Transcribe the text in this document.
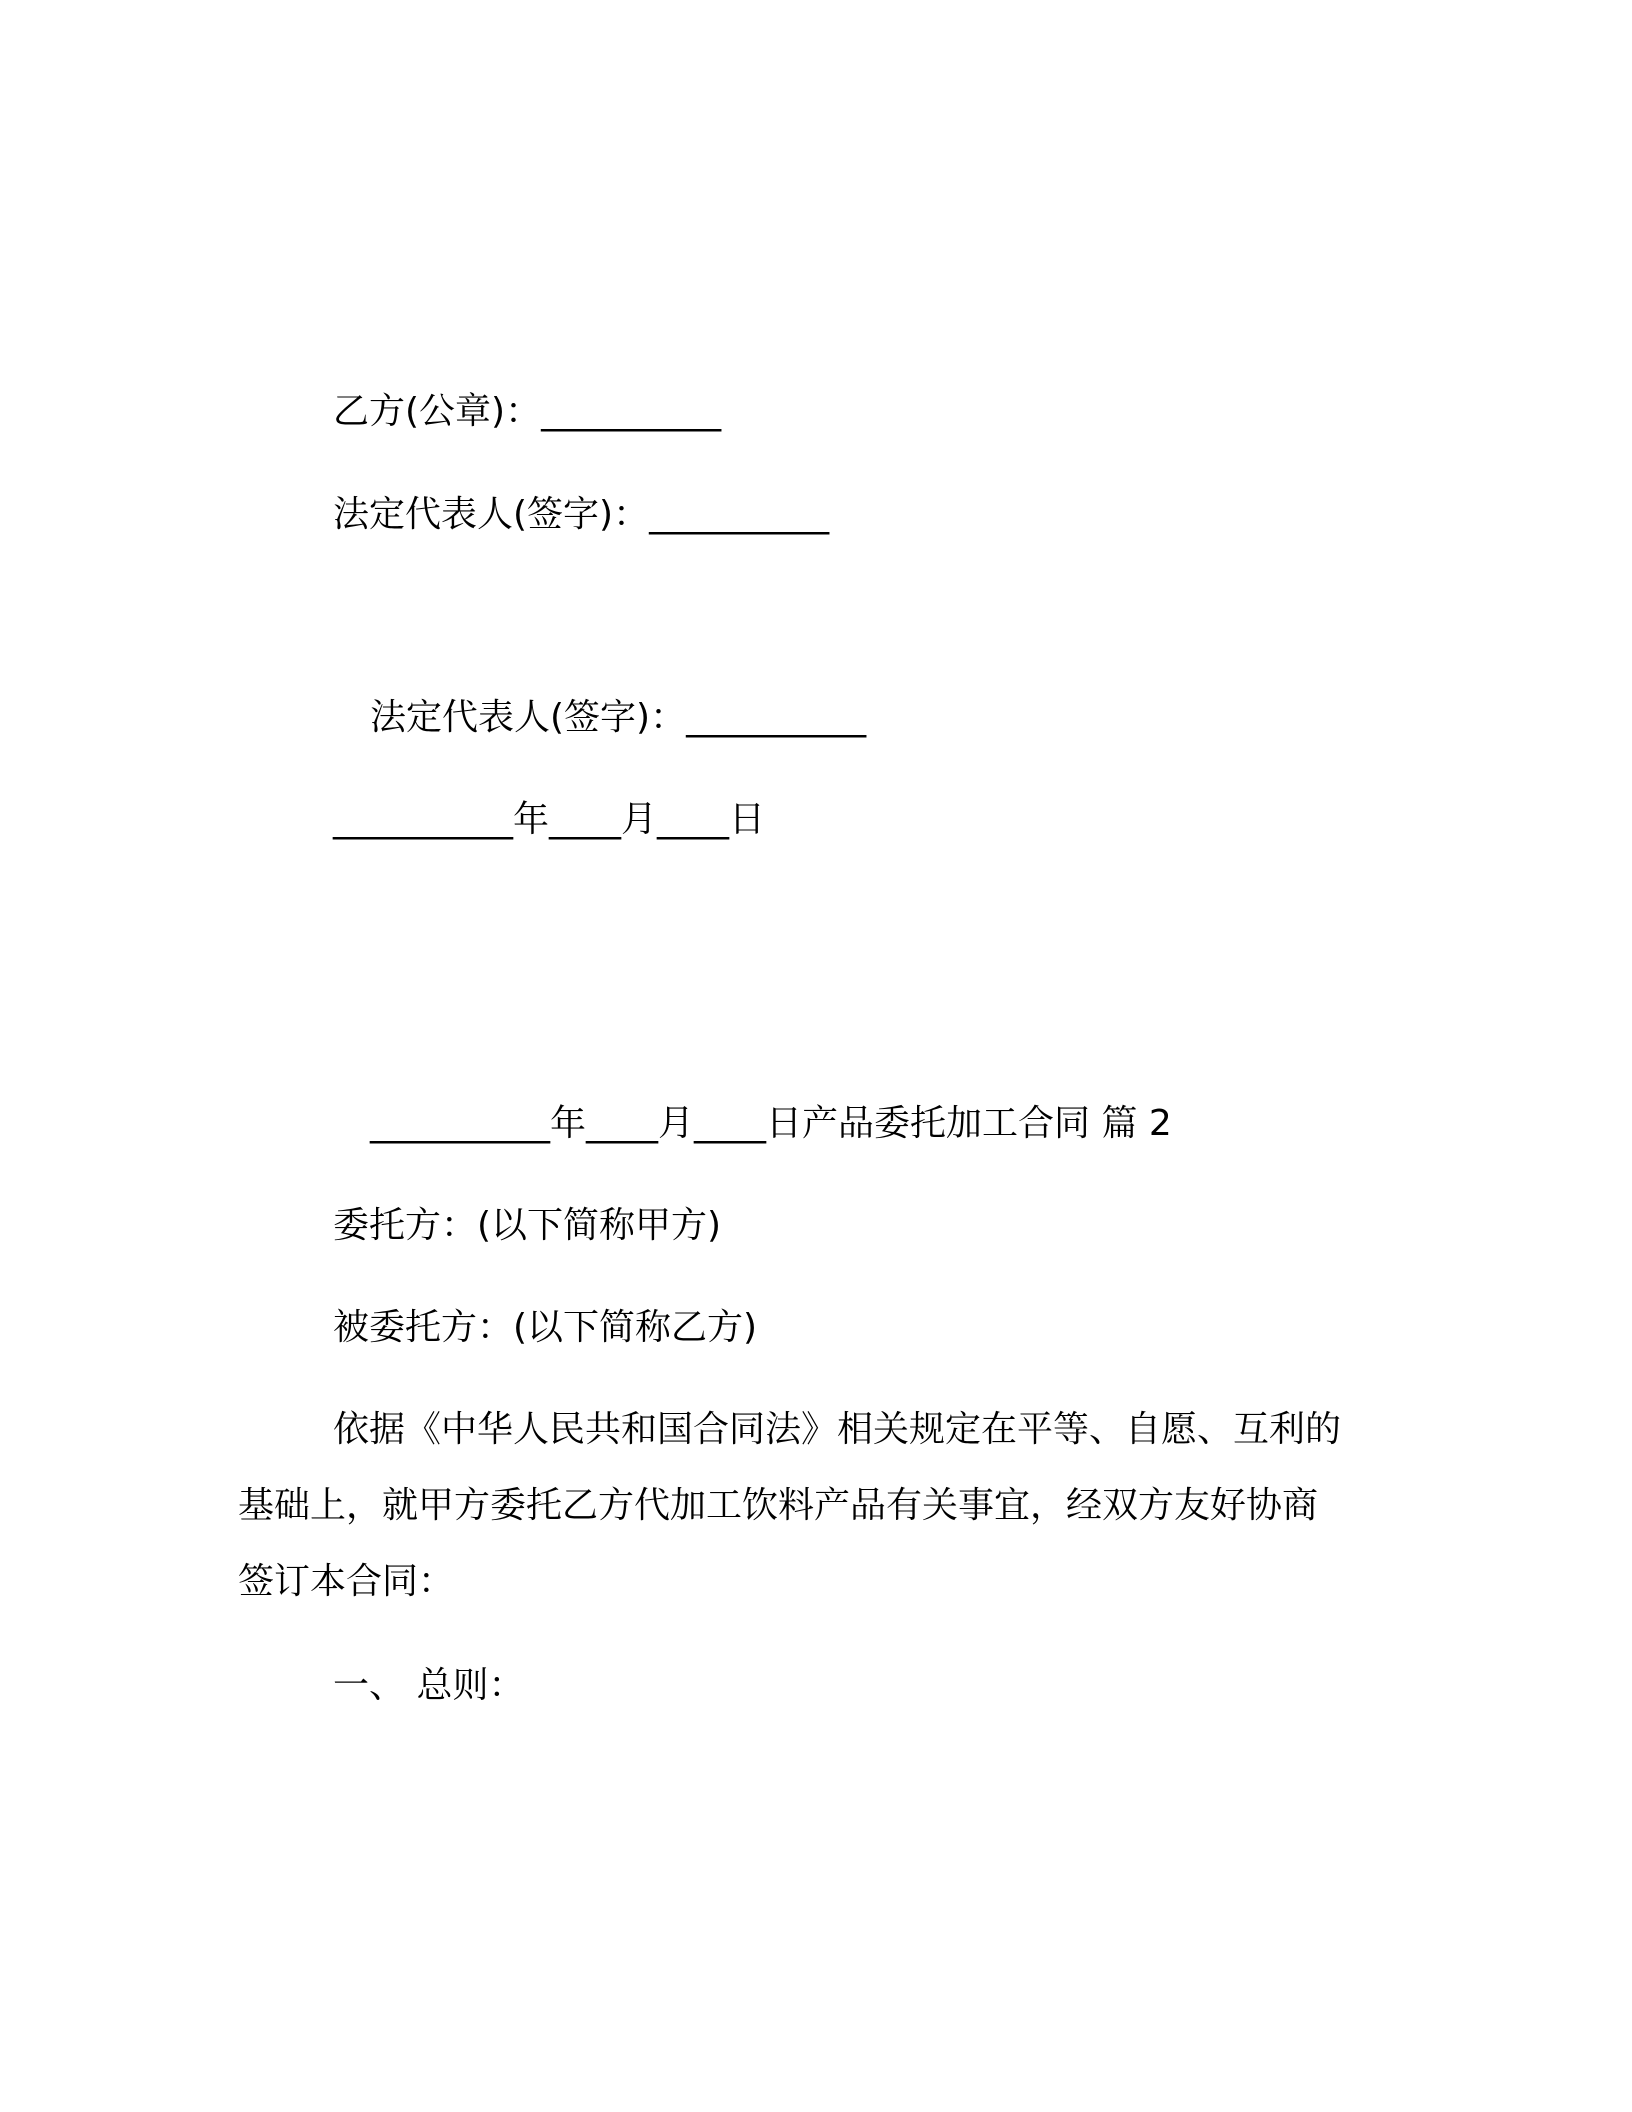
乙方(公章)：__________
法定代表人(签字)：__________
法定代表人(签字)：__________
__________年____月____日
__________年____月____日产品委托加工合同 篇 2
委托方：(以下简称甲方)
被委托方：(以下简称乙方)
依据《中华人民共和国合同法》相关规定在平等、自愿、互利的
基础上，就甲方委托乙方代加工饮料产品有关事宜，经双方友好协商
签订本合同：
一、 总则：
